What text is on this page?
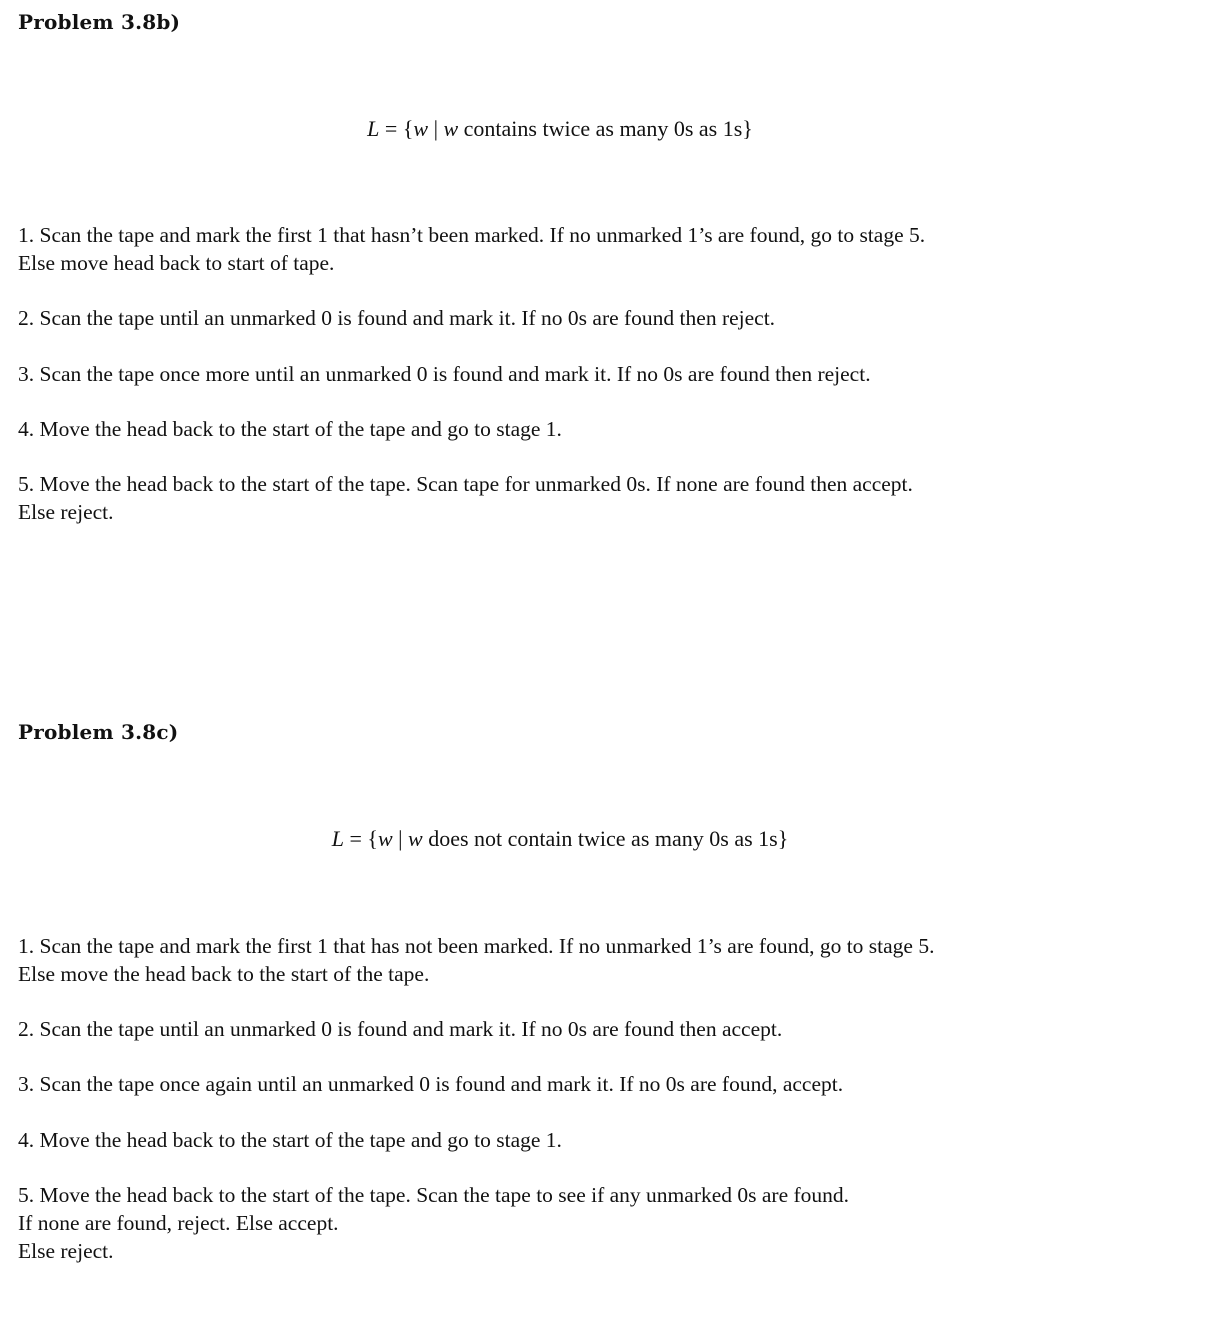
Problem 3.8b)
L = {w | w contains twice as many 0s as 1s}
1. Scan the tape and mark the first 1 that hasn’t been marked. If no unmarked 1’s are found, go to stage 5.
Else move head back to start of tape.
2. Scan the tape until an unmarked 0 is found and mark it. If no 0s are found then reject.
3. Scan the tape once more until an unmarked 0 is found and mark it. If no 0s are found then reject.
4. Move the head back to the start of the tape and go to stage 1.
5. Move the head back to the start of the tape. Scan tape for unmarked 0s. If none are found then accept.
Else reject.
Problem 3.8c)
L = {w | w does not contain twice as many 0s as 1s}
1. Scan the tape and mark the first 1 that has not been marked. If no unmarked 1’s are found, go to stage 5.
Else move the head back to the start of the tape.
2. Scan the tape until an unmarked 0 is found and mark it. If no 0s are found then accept.
3. Scan the tape once again until an unmarked 0 is found and mark it. If no 0s are found, accept.
4. Move the head back to the start of the tape and go to stage 1.
5. Move the head back to the start of the tape. Scan the tape to see if any unmarked 0s are found.
If none are found, reject. Else accept.
Else reject.
